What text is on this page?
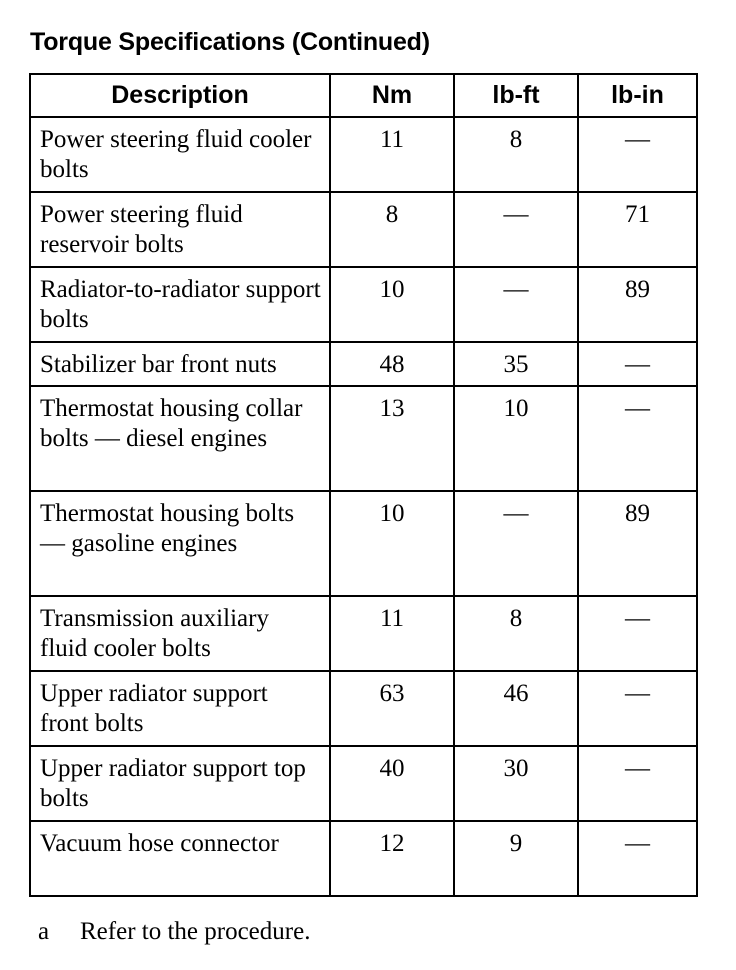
Torque Specifications (Continued)
Description	Nm	lb-ft	lb-in
Power steering fluid cooler bolts	11	8	—
Power steering fluid reservoir bolts	8	—	71
Radiator-to-radiator support bolts	10	—	89
Stabilizer bar front nuts	48	35	—
Thermostat housing collar bolts — diesel engines	13	10	—
Thermostat housing bolts — gasoline engines	10	—	89
Transmission auxiliary fluid cooler bolts	11	8	—
Upper radiator support front bolts	63	46	—
Upper radiator support top bolts	40	30	—
Vacuum hose connector	12	9	—
a Refer to the procedure.
